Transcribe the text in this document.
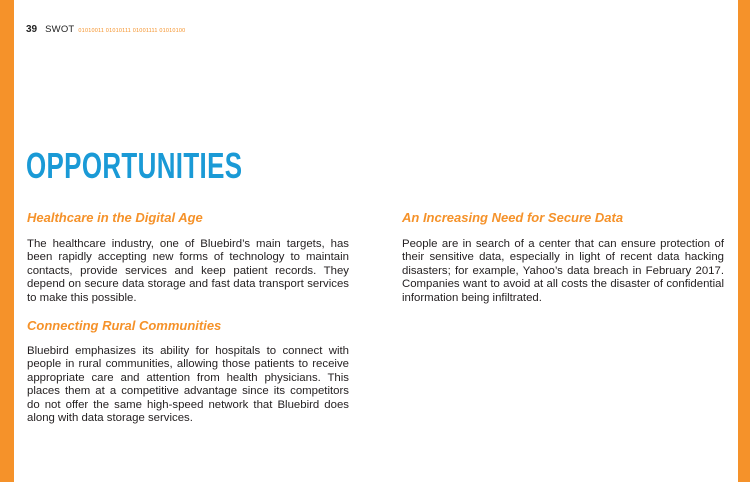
39 SWOT 01010011 01010111 01001111 01010100
OPPORTUNITIES
Healthcare in the Digital Age

The healthcare industry, one of Bluebird’s main targets, has been rapidly accepting new forms of technology to maintain contacts, provide services and keep patient records. They depend on secure data storage and fast data transport services to make this possible.

Connecting Rural Communities

Bluebird emphasizes its ability for hospitals to connect with people in rural communities, allowing those patients to receive appropriate care and attention from health physicians. This places them at a competitive advantage since its competitors do not offer the same high-speed network that Bluebird does along with data storage services.

An Increasing Need for Secure Data

People are in search of a center that can ensure protection of their sensitive data, especially in light of recent data hacking disasters; for example, Yahoo’s data breach in February 2017. Companies want to avoid at all costs the disaster of confidential information being infiltrated.
